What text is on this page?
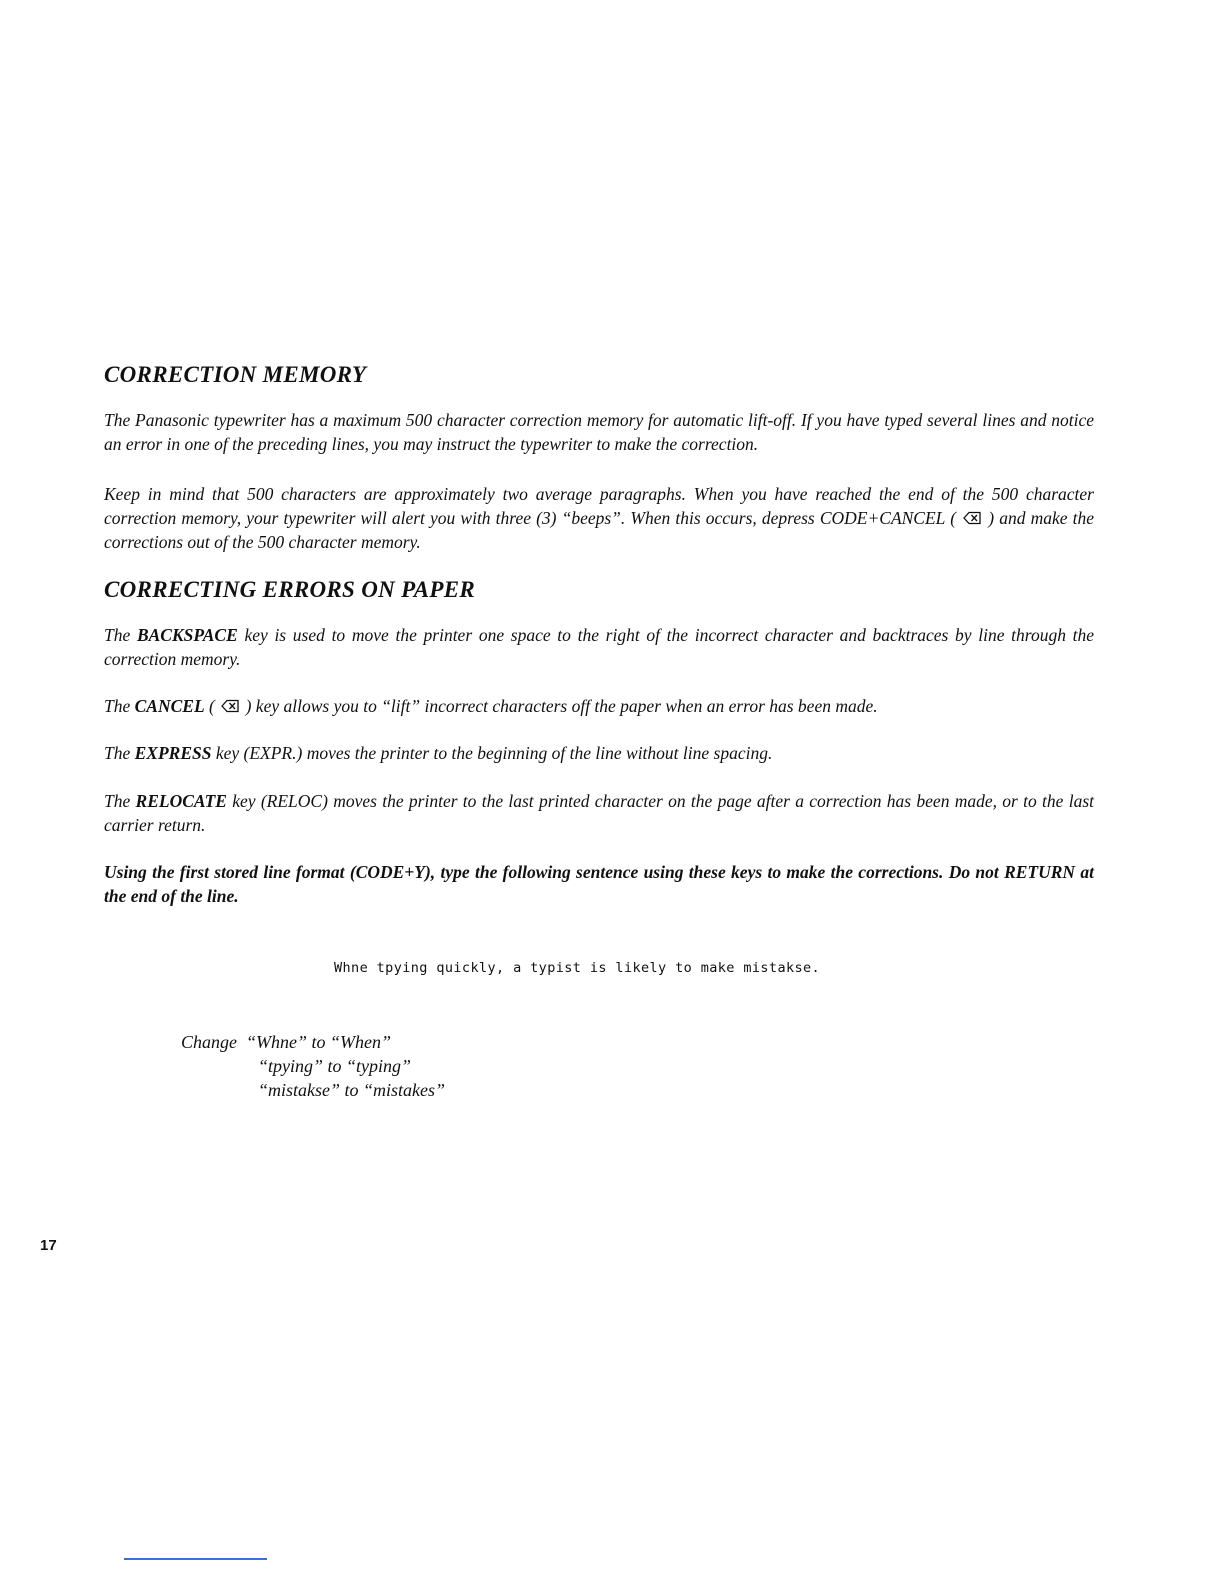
CORRECTION MEMORY

The Panasonic typewriter has a maximum 500 character correction memory for automatic lift-off. If you have typed several lines and notice an error in one of the preceding lines, you may instruct the typewriter to make the correction.

Keep in mind that 500 characters are approximately two average paragraphs. When you have reached the end of the 500 character correction memory, your typewriter will alert you with three (3) “beeps”. When this occurs, depress CODE+CANCEL ( ) and make the corrections out of the 500 character memory.

CORRECTING ERRORS ON PAPER

The BACKSPACE key is used to move the printer one space to the right of the incorrect character and backtraces by line through the correction memory.

The CANCEL ( ) key allows you to “lift” incorrect characters off the paper when an error has been made.

The EXPRESS key (EXPR.) moves the printer to the beginning of the line without line spacing.

The RELOCATE key (RELOC) moves the printer to the last printed character on the page after a correction has been made, or to the last carrier return.

Using the first stored line format (CODE+Y), type the following sentence using these keys to make the corrections. Do not RETURN at the end of the line.

Whne tpying quickly, a typist is likely to make mistakse.
Change “Whne” to “When”
“tpying” to “typing”
“mistakse” to “mistakes”
17
